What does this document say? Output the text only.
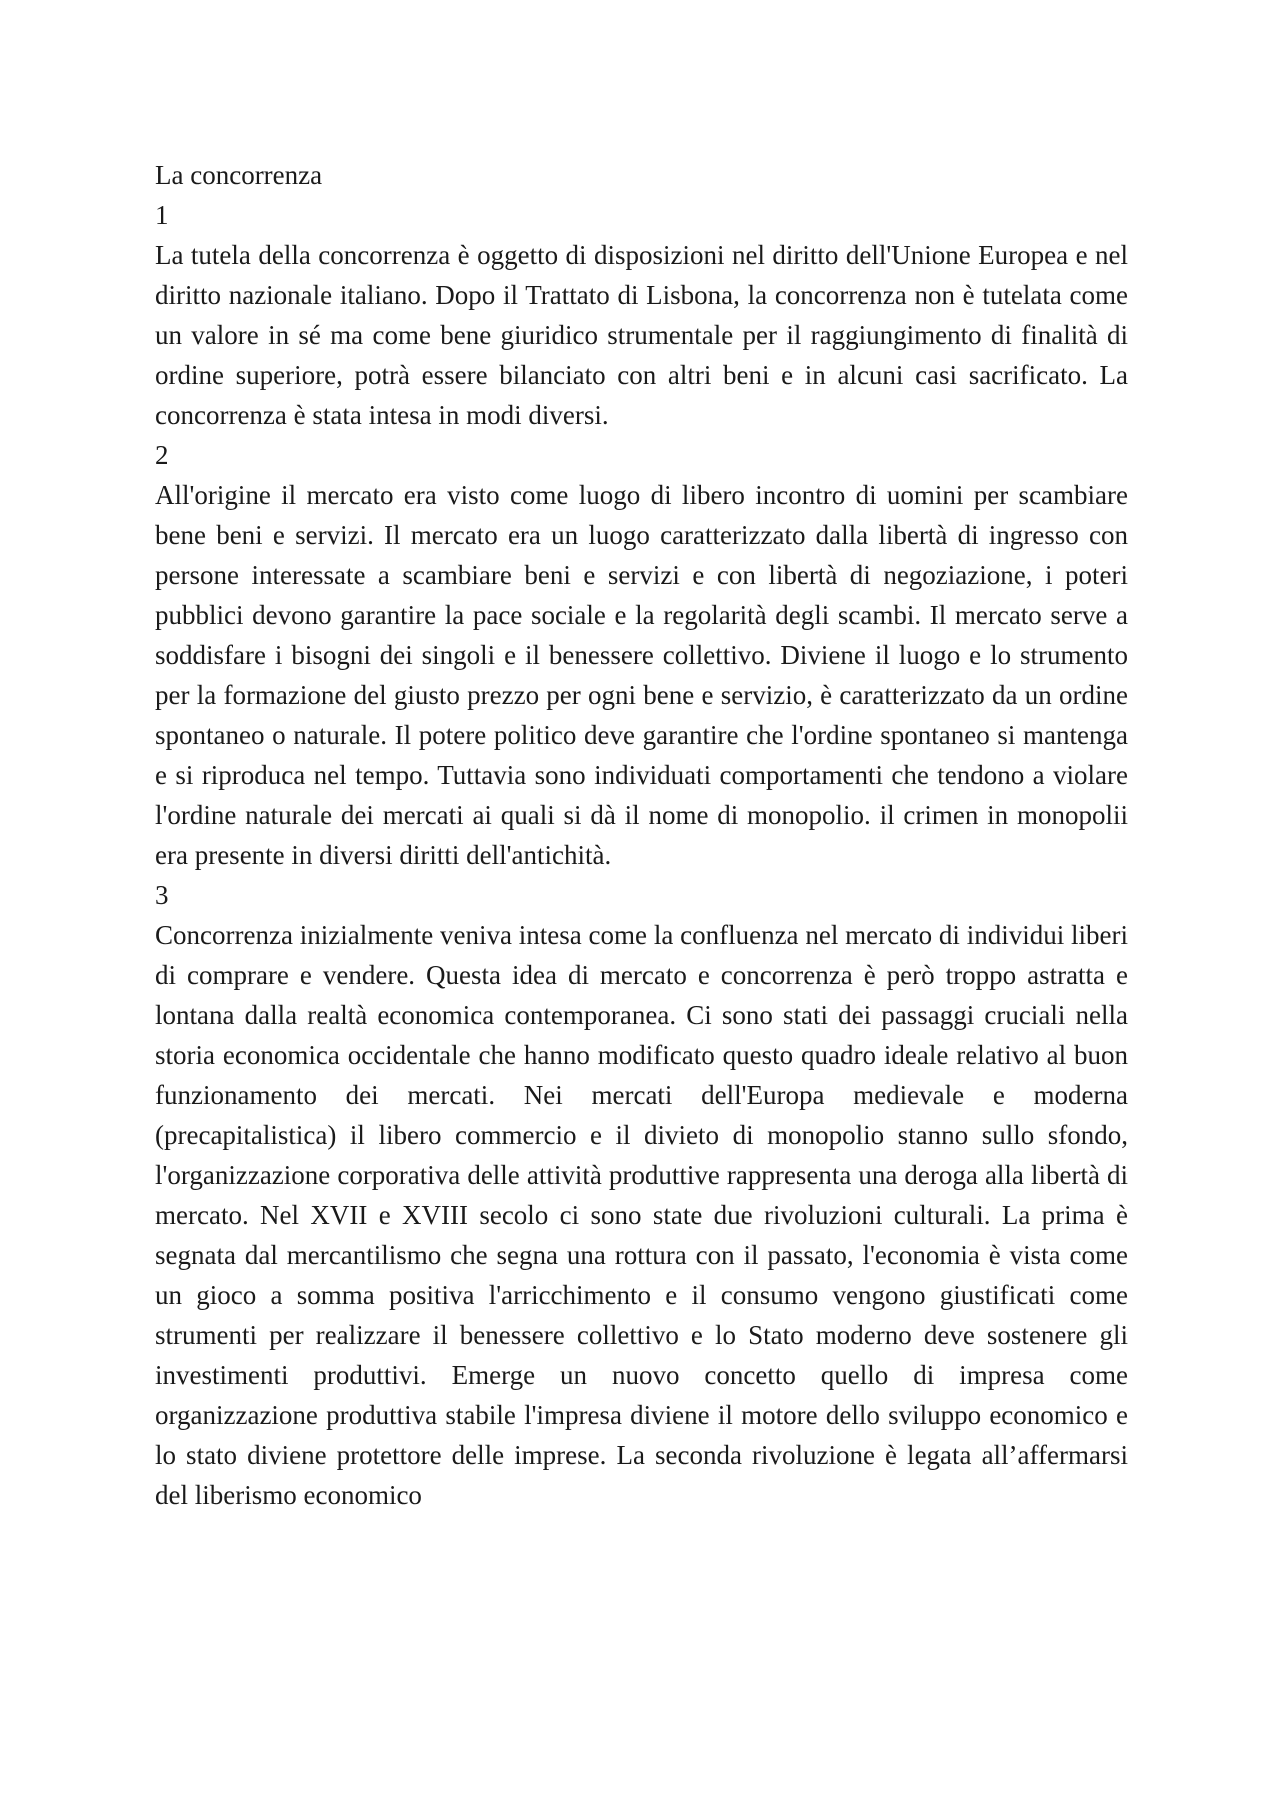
La concorrenza
1

La tutela della concorrenza è oggetto di disposizioni nel diritto dell'Unione Europea e nel diritto nazionale italiano. Dopo il Trattato di Lisbona, la concorrenza non è tutelata come un valore in sé ma come bene giuridico strumentale per il raggiungimento di finalità di ordine superiore, potrà essere bilanciato con altri beni e in alcuni casi sacrificato. La concorrenza è stata intesa in modi diversi.

2

All'origine il mercato era visto come luogo di libero incontro di uomini per scambiare bene beni e servizi. Il mercato era un luogo caratterizzato dalla libertà di ingresso con persone interessate a scambiare beni e servizi e con libertà di negoziazione, i poteri pubblici devono garantire la pace sociale e la regolarità degli scambi. Il mercato serve a soddisfare i bisogni dei singoli e il benessere collettivo. Diviene il luogo e lo strumento per la formazione del giusto prezzo per ogni bene e servizio, è caratterizzato da un ordine spontaneo o naturale. Il potere politico deve garantire che l'ordine spontaneo si mantenga e si riproduca nel tempo. Tuttavia sono individuati comportamenti che tendono a violare l'ordine naturale dei mercati ai quali si dà il nome di monopolio. il crimen in monopolii era presente in diversi diritti dell'antichità.

3

Concorrenza inizialmente veniva intesa come la confluenza nel mercato di individui liberi di comprare e vendere. Questa idea di mercato e concorrenza è però troppo astratta e lontana dalla realtà economica contemporanea. Ci sono stati dei passaggi cruciali nella storia economica occidentale che hanno modificato questo quadro ideale relativo al buon funzionamento dei mercati. Nei mercati dell'Europa medievale e moderna (precapitalistica) il libero commercio e il divieto di monopolio stanno sullo sfondo, l'organizzazione corporativa delle attività produttive rappresenta una deroga alla libertà di mercato. Nel XVII e XVIII secolo ci sono state due rivoluzioni culturali. La prima è segnata dal mercantilismo che segna una rottura con il passato, l'economia è vista come un gioco a somma positiva l'arricchimento e il consumo vengono giustificati come strumenti per realizzare il benessere collettivo e lo Stato moderno deve sostenere gli investimenti produttivi. Emerge un nuovo concetto quello di impresa come organizzazione produttiva stabile l'impresa diviene il motore dello sviluppo economico e lo stato diviene protettore delle imprese. La seconda rivoluzione è legata all’affermarsi del liberismo economico
